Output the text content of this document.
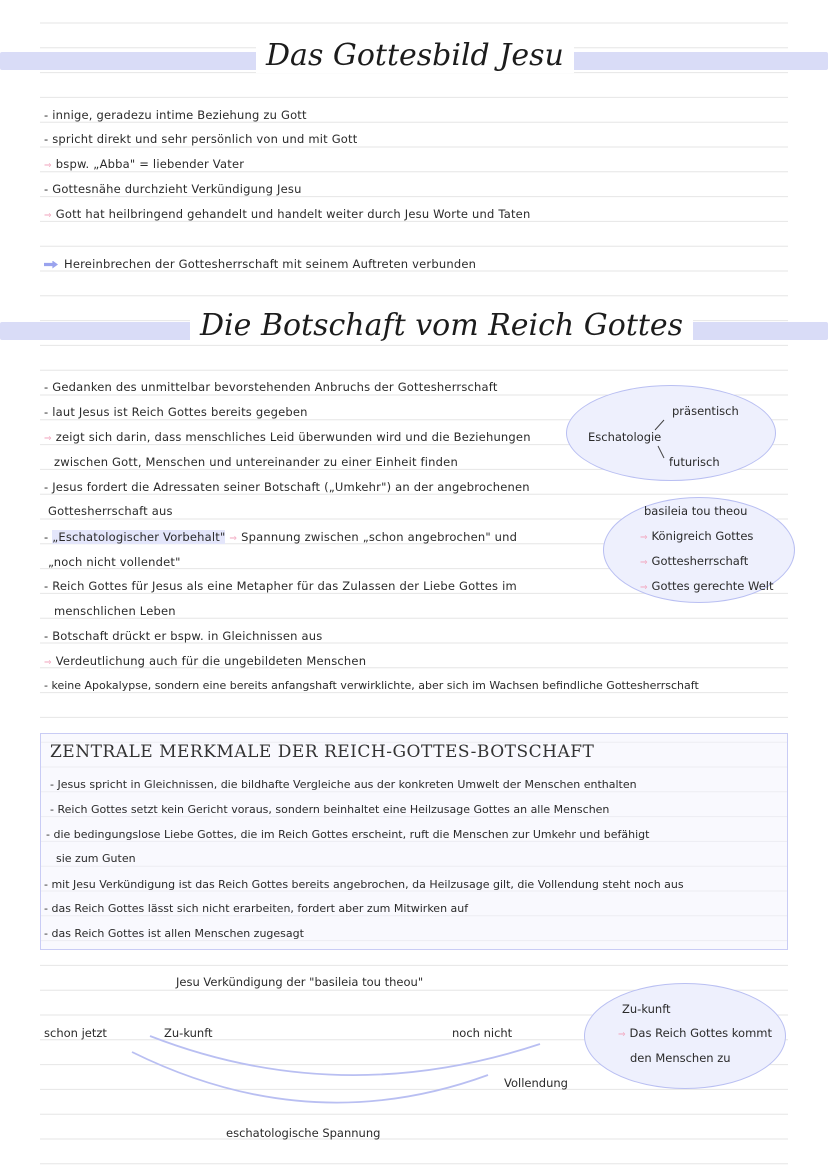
Das Gottesbild Jesu
- innige, geradezu intime Beziehung zu Gott
- spricht direkt und sehr persönlich von und mit Gott
⇒ bspw. „Abba" = liebender Vater
- Gottesnähe durchzieht Verkündigung Jesu
⇒ Gott hat heilbringend gehandelt und handelt weiter durch Jesu Worte und Taten
Hereinbrechen der Gottesherrschaft mit seinem Auftreten verbunden
Die Botschaft vom Reich Gottes
Eschatologie
präsentisch
futurisch
basileia tou theou
⇒ Königreich Gottes
⇒ Gottesherrschaft
⇒ Gottes gerechte Welt
- Gedanken des unmittelbar bevorstehenden Anbruchs der Gottesherrschaft
- laut Jesus ist Reich Gottes bereits gegeben
⇒ zeigt sich darin, dass menschliches Leid überwunden wird und die Beziehungen
zwischen Gott, Menschen und untereinander zu einer Einheit finden
- Jesus fordert die Adressaten seiner Botschaft („Umkehr") an der angebrochenen
Gottesherrschaft aus
- „Eschatologischer Vorbehalt" ⇒ Spannung zwischen „schon angebrochen" und
„noch nicht vollendet"
- Reich Gottes für Jesus als eine Metapher für das Zulassen der Liebe Gottes im
menschlichen Leben
- Botschaft drückt er bspw. in Gleichnissen aus
⇒ Verdeutlichung auch für die ungebildeten Menschen
- keine Apokalypse, sondern eine bereits anfangshaft verwirklichte, aber sich im Wachsen befindliche Gottesherrschaft
ZENTRALE MERKMALE DER REICH-GOTTES-BOTSCHAFT
- Jesus spricht in Gleichnissen, die bildhafte Vergleiche aus der konkreten Umwelt der Menschen enthalten
- Reich Gottes setzt kein Gericht voraus, sondern beinhaltet eine Heilzusage Gottes an alle Menschen
- die bedingungslose Liebe Gottes, die im Reich Gottes erscheint, ruft die Menschen zur Umkehr und befähigt
sie zum Guten
- mit Jesu Verkündigung ist das Reich Gottes bereits angebrochen, da Heilzusage gilt, die Vollendung steht noch aus
- das Reich Gottes lässt sich nicht erarbeiten, fordert aber zum Mitwirken auf
- das Reich Gottes ist allen Menschen zugesagt
Jesu Verkündigung der "basileia tou theou"
Zu-kunft
⇒ Das Reich Gottes kommt
den Menschen zu
schon jetzt	Zu-kunft	noch nicht
Vollendung
eschatologische Spannung
